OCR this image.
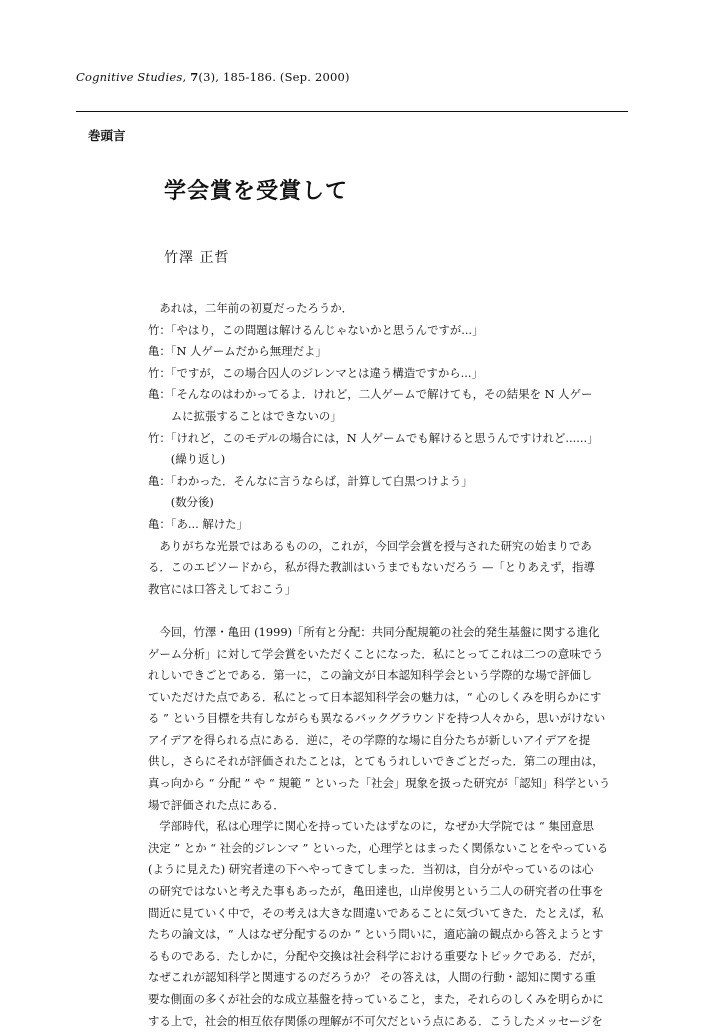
Cognitive Studies, 7(3), 185-186. (Sep. 2000)
巻頭言
学会賞を受賞して
竹澤 正哲
　あれは，二年前の初夏だったろうか．
竹：「やはり，この問題は解けるんじゃないかと思うんですが...」
亀：「N 人ゲームだから無理だよ」
竹：「ですが，この場合囚人のジレンマとは違う構造ですから...」
亀：「そんなのはわかってるよ．けれど，二人ゲームで解けても，その結果を N 人ゲー
　　ムに拡張することはできないの」
竹：「けれど，このモデルの場合には，N 人ゲームでも解けると思うんですけれど......」
　　(繰り返し)
亀：「わかった．そんなに言うならば，計算して白黒つけよう」
　　(数分後)
亀：「あ... 解けた」
　ありがちな光景ではあるものの，これが，今回学会賞を授与された研究の始まりであ
る．このエピソードから，私が得た教訓はいうまでもないだろう —「とりあえず，指導
教官には口答えしておこう」
　今回，竹澤・亀田 (1999)「所有と分配：共同分配規範の社会的発生基盤に関する進化
ゲーム分析」に対して学会賞をいただくことになった．私にとってこれは二つの意味でう
れしいできごとである．第一に，この論文が日本認知科学会という学際的な場で評価し
ていただけた点である．私にとって日本認知科学会の魅力は，“ 心のしくみを明らかにす
る ” という目標を共有しながらも異なるバックグラウンドを持つ人々から，思いがけない
アイデアを得られる点にある．逆に，その学際的な場に自分たちが新しいアイデアを提
供し，さらにそれが評価されたことは，とてもうれしいできごとだった．第二の理由は，
真っ向から “ 分配 ” や “ 規範 ” といった「社会」現象を扱った研究が「認知」科学という
場で評価された点にある．
　学部時代，私は心理学に関心を持っていたはずなのに，なぜか大学院では “ 集団意思
決定 ” とか “ 社会的ジレンマ ” といった，心理学とはまったく関係ないことをやっている
(ように見えた) 研究者達の下へやってきてしまった．当初は，自分がやっているのは心
の研究ではないと考えた事もあったが，亀田達也，山岸俊男という二人の研究者の仕事を
間近に見ていく中で，その考えは大きな間違いであることに気づいてきた．たとえば，私
たちの論文は，“ 人はなぜ分配するのか ” という問いに，適応論の観点から答えようとす
るものである．たしかに，分配や交換は社会科学における重要なトピックである．だが，
なぜこれが認知科学と関連するのだろうか？ その答えは，人間の行動・認知に関する重
要な側面の多くが社会的な成立基盤を持っていること，また，それらのしくみを明らかに
する上で，社会的相互依存関係の理解が不可欠だという点にある．こうしたメッセージを
